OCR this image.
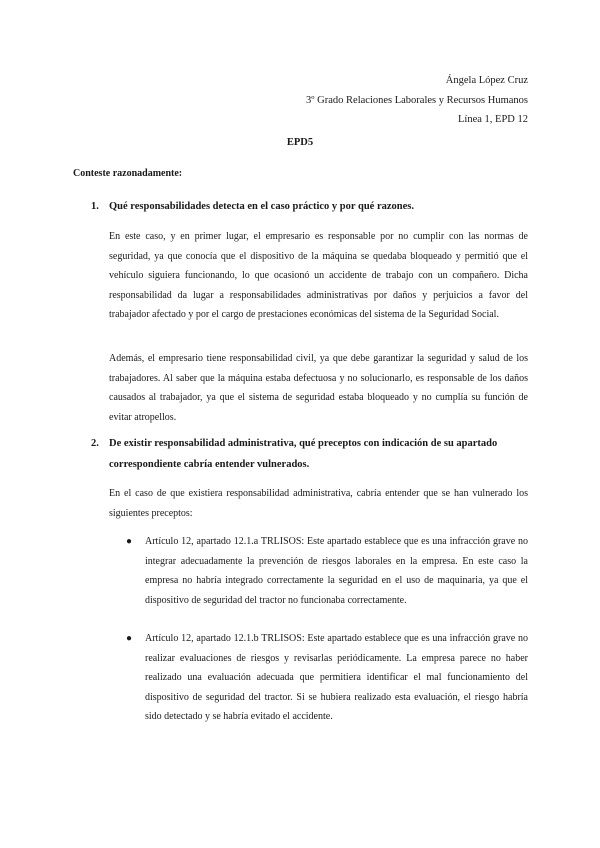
Ángela López Cruz
3º Grado Relaciones Laborales y Recursos Humanos
Línea 1, EPD 12
EPD5
Conteste razonadamente:
1. Qué responsabilidades detecta en el caso práctico y por qué razones.
En este caso, y en primer lugar, el empresario es responsable por no cumplir con las normas de seguridad, ya que conocía que el dispositivo de la máquina se quedaba bloqueado y permitió que el vehículo siguiera funcionando, lo que ocasionó un accidente de trabajo con un compañero. Dicha responsabilidad da lugar a responsabilidades administrativas por daños y perjuicios a favor del trabajador afectado y por el cargo de prestaciones económicas del sistema de la Seguridad Social.
Además, el empresario tiene responsabilidad civil, ya que debe garantizar la seguridad y salud de los trabajadores. Al saber que la máquina estaba defectuosa y no solucionarlo, es responsable de los daños causados al trabajador, ya que el sistema de seguridad estaba bloqueado y no cumplía su función de evitar atropellos.
2. De existir responsabilidad administrativa, qué preceptos con indicación de su apartado correspondiente cabría entender vulnerados.
En el caso de que existiera responsabilidad administrativa, cabría entender que se han vulnerado los siguientes preceptos:
● Artículo 12, apartado 12.1.a TRLISOS: Este apartado establece que es una infracción grave no integrar adecuadamente la prevención de riesgos laborales en la empresa. En este caso la empresa no habría integrado correctamente la seguridad en el uso de maquinaria, ya que el dispositivo de seguridad del tractor no funcionaba correctamente.
● Artículo 12, apartado 12.1.b TRLISOS: Este apartado establece que es una infracción grave no realizar evaluaciones de riesgos y revisarlas periódicamente. La empresa parece no haber realizado una evaluación adecuada que permitiera identificar el mal funcionamiento del dispositivo de seguridad del tractor. Si se hubiera realizado esta evaluación, el riesgo habría sido detectado y se habría evitado el accidente.
